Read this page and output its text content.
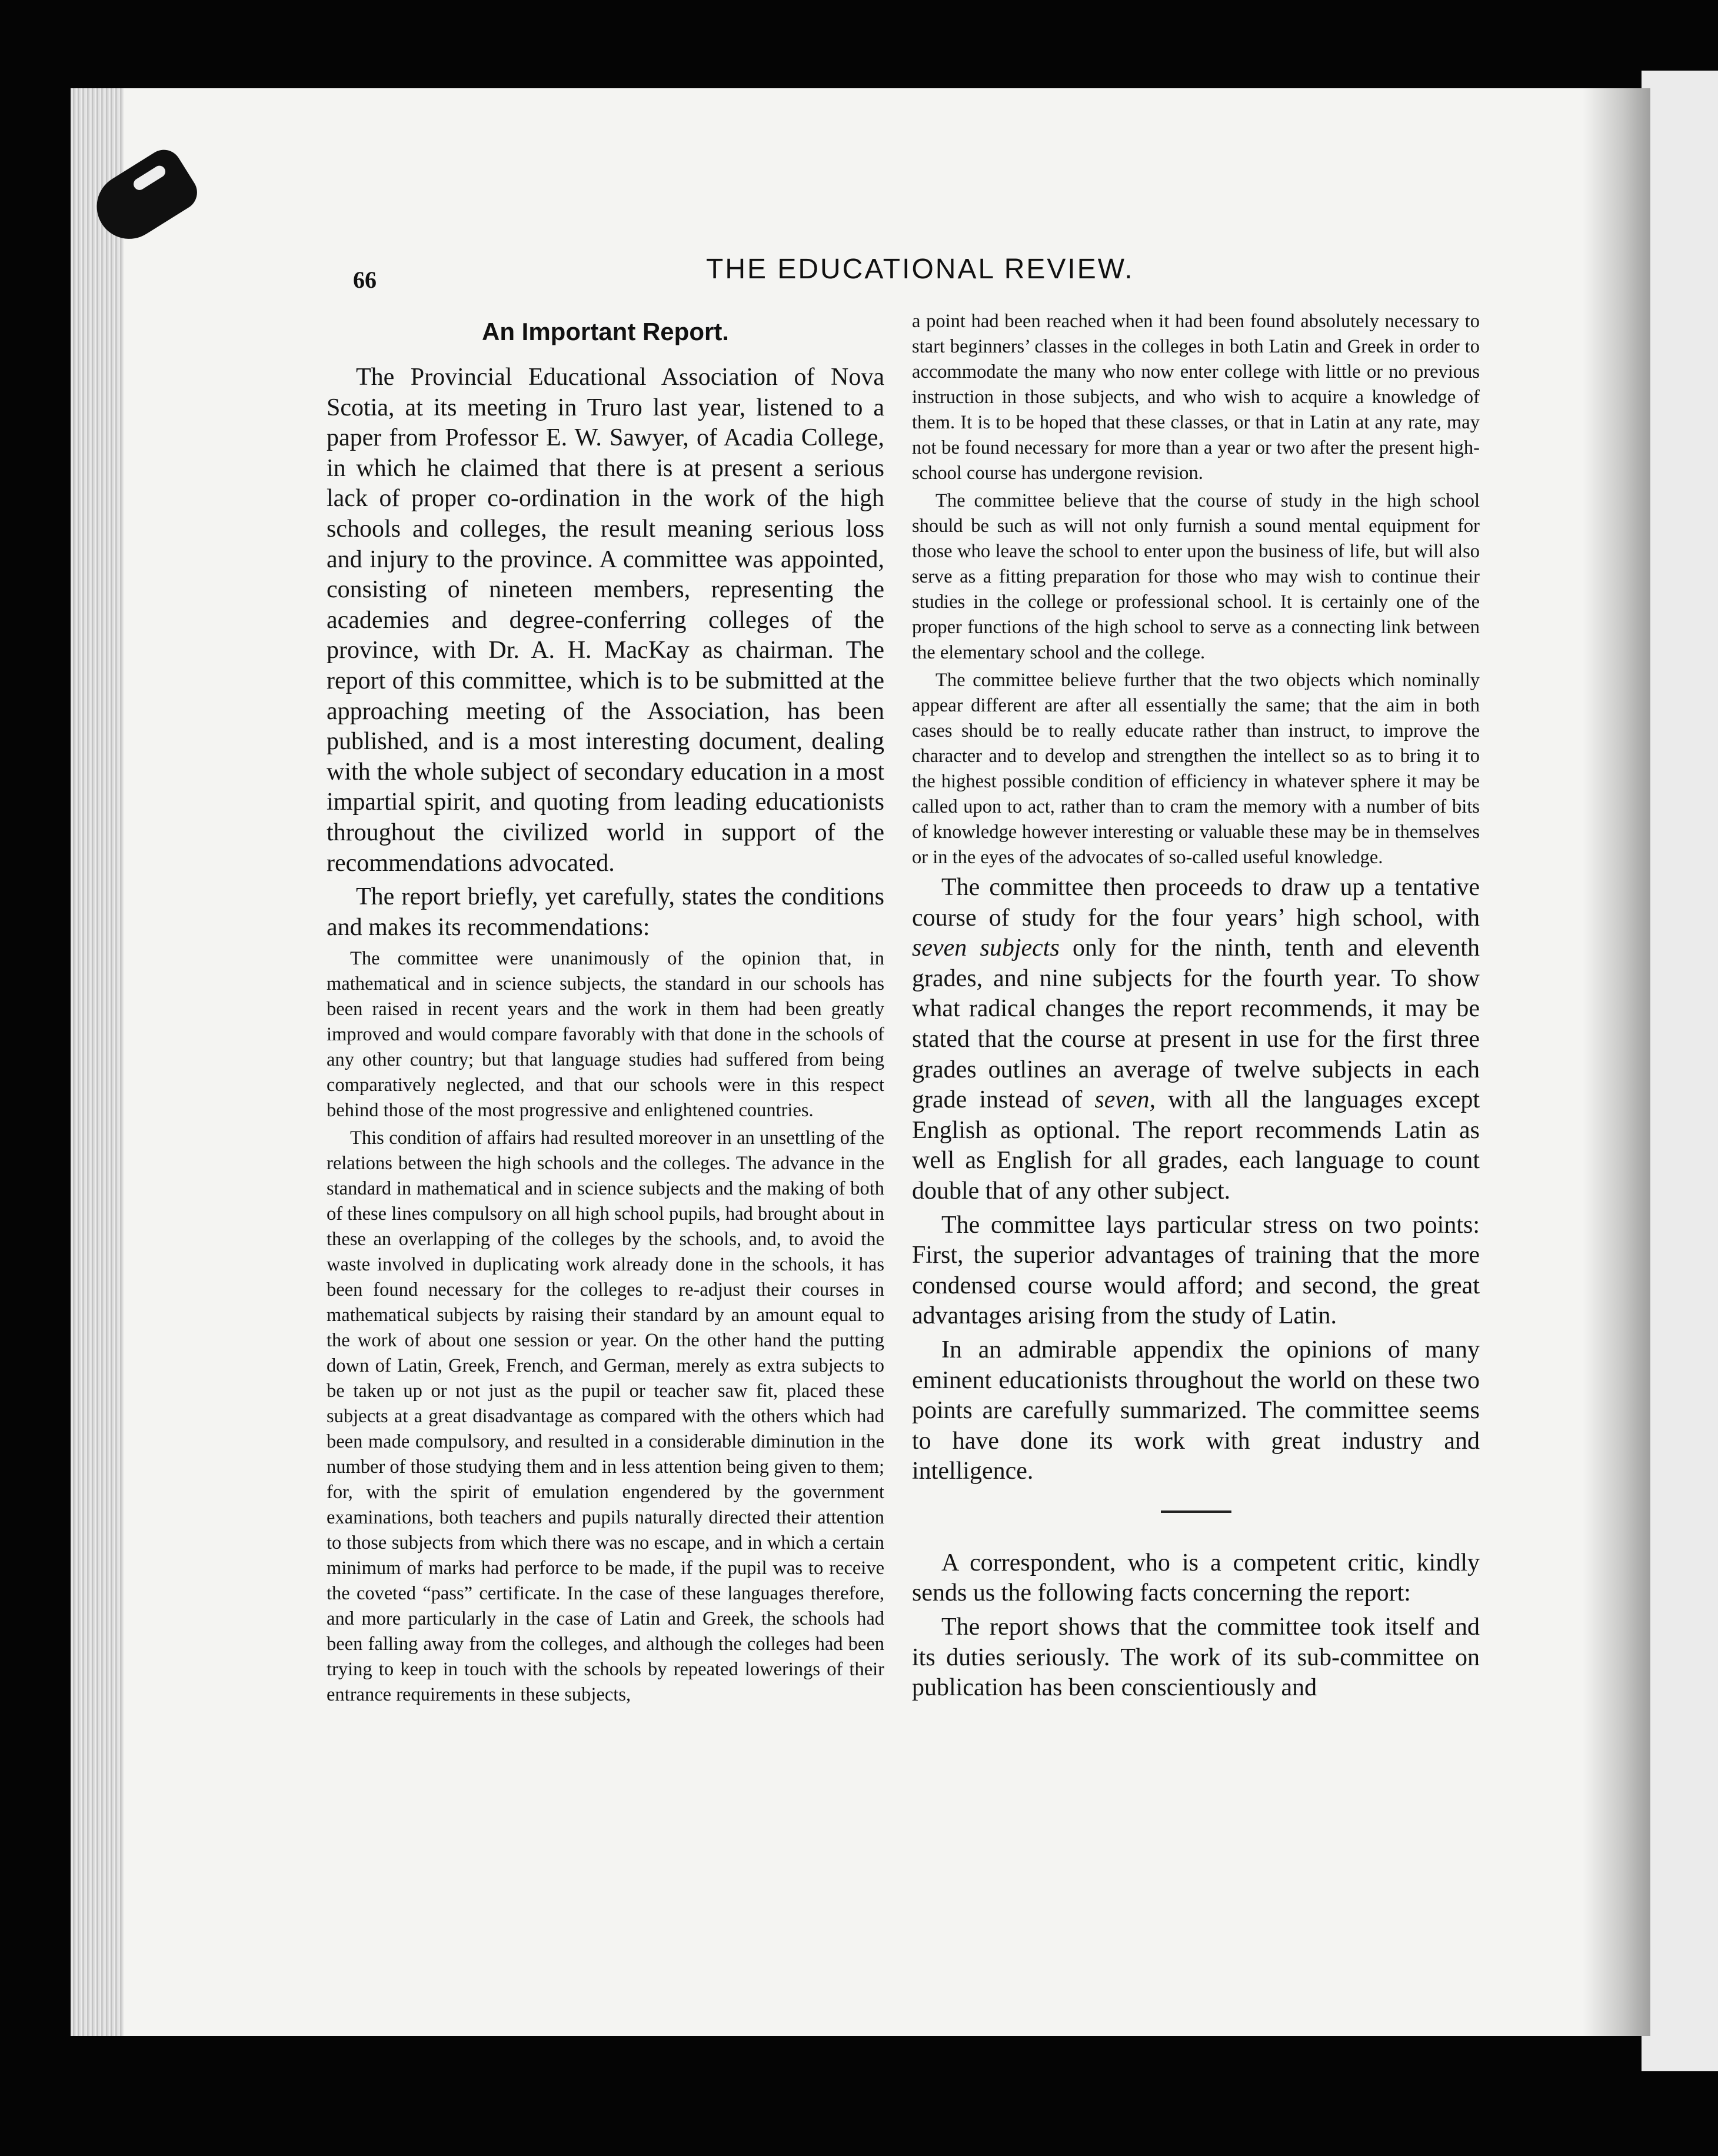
66	THE EDUCATIONAL REVIEW.
An Important Report.

The Provincial Educational Association of Nova Scotia, at its meeting in Truro last year, listened to a paper from Professor E. W. Sawyer, of Acadia College, in which he claimed that there is at present a serious lack of proper co-ordination in the work of the high schools and colleges, the result meaning serious loss and injury to the province. A committee was appointed, consisting of nineteen members, representing the academies and degree-conferring colleges of the province, with Dr. A. H. MacKay as chairman. The report of this committee, which is to be submitted at the approaching meeting of the Association, has been published, and is a most interesting document, dealing with the whole subject of secondary education in a most impartial spirit, and quoting from leading educationists throughout the civilized world in support of the recommendations advocated.

The report briefly, yet carefully, states the conditions and makes its recommendations:

The committee were unanimously of the opinion that, in mathematical and in science subjects, the standard in our schools has been raised in recent years and the work in them had been greatly improved and would compare favorably with that done in the schools of any other country; but that language studies had suffered from being comparatively neglected, and that our schools were in this respect behind those of the most progressive and enlightened countries.

This condition of affairs had resulted moreover in an unsettling of the relations between the high schools and the colleges. The advance in the standard in mathematical and in science subjects and the making of both of these lines compulsory on all high school pupils, had brought about in these an overlapping of the colleges by the schools, and, to avoid the waste involved in duplicating work already done in the schools, it has been found necessary for the colleges to re-adjust their courses in mathematical subjects by raising their standard by an amount equal to the work of about one session or year. On the other hand the putting down of Latin, Greek, French, and German, merely as extra subjects to be taken up or not just as the pupil or teacher saw fit, placed these subjects at a great disadvantage as compared with the others which had been made compulsory, and resulted in a considerable diminution in the number of those studying them and in less attention being given to them; for, with the spirit of emulation engendered by the government examinations, both teachers and pupils naturally directed their attention to those subjects from which there was no escape, and in which a certain minimum of marks had perforce to be made, if the pupil was to receive the coveted “pass” certificate. In the case of these languages therefore, and more particularly in the case of Latin and Greek, the schools had been falling away from the colleges, and although the colleges had been trying to keep in touch with the schools by repeated lowerings of their entrance requirements in these subjects,

a point had been reached when it had been found absolutely necessary to start beginners’ classes in the colleges in both Latin and Greek in order to accommodate the many who now enter college with little or no previous instruction in those subjects, and who wish to acquire a knowledge of them. It is to be hoped that these classes, or that in Latin at any rate, may not be found necessary for more than a year or two after the present high-school course has undergone revision.

The committee believe that the course of study in the high school should be such as will not only furnish a sound mental equipment for those who leave the school to enter upon the business of life, but will also serve as a fitting preparation for those who may wish to continue their studies in the college or professional school. It is certainly one of the proper functions of the high school to serve as a connecting link between the elementary school and the college.

The committee believe further that the two objects which nominally appear different are after all essentially the same; that the aim in both cases should be to really educate rather than instruct, to improve the character and to develop and strengthen the intellect so as to bring it to the highest possible condition of efficiency in whatever sphere it may be called upon to act, rather than to cram the memory with a number of bits of knowledge however interesting or valuable these may be in themselves or in the eyes of the advocates of so-called useful knowledge.

The committee then proceeds to draw up a tentative course of study for the four years’ high school, with seven subjects only for the ninth, tenth and eleventh grades, and nine subjects for the fourth year. To show what radical changes the report recommends, it may be stated that the course at present in use for the first three grades outlines an average of twelve subjects in each grade instead of seven, with all the languages except English as optional. The report recommends Latin as well as English for all grades, each language to count double that of any other subject.

The committee lays particular stress on two points: First, the superior advantages of training that the more condensed course would afford; and second, the great advantages arising from the study of Latin.

In an admirable appendix the opinions of many eminent educationists throughout the world on these two points are carefully summarized. The committee seems to have done its work with great industry and intelligence.

A correspondent, who is a competent critic, kindly sends us the following facts concerning the report:

The report shows that the committee took itself and its duties seriously. The work of its sub-committee on publication has been conscientiously and
